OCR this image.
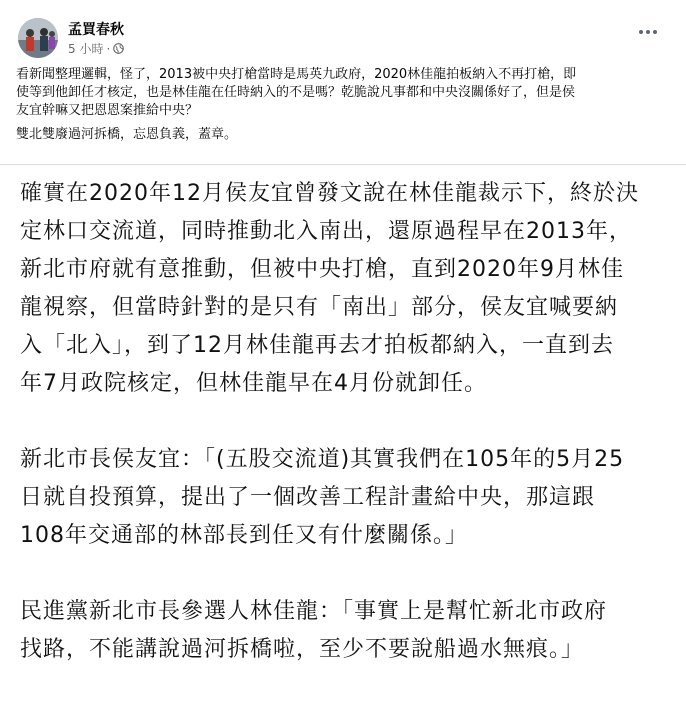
孟買春秋
5 小時 ·

看新聞整理邏輯，怪了，2013被中央打槍當時是馬英九政府，2020林佳龍拍板納入不再打槍，即
使等到他卸任才核定，也是林佳龍在任時納入的不是嗎？乾脆說凡事都和中央沒關係好了，但是侯
友宜幹嘛又把恩恩案推給中央？

雙北雙廢過河拆橋，忘恩負義，蓋章。

確實在2020年12月侯友宜曾發文說在林佳龍裁示下，終於決
定林口交流道，同時推動北入南出，還原過程早在2013年，
新北市府就有意推動，但被中央打槍，直到2020年9月林佳
龍視察，但當時針對的是只有「南出」部分，侯友宜喊要納
入「北入」，到了12月林佳龍再去才拍板都納入，一直到去
年7月政院核定，但林佳龍早在4月份就卸任。

新北市長侯友宜：「(五股交流道)其實我們在105年的5月25
日就自投預算，提出了一個改善工程計畫給中央，那這跟
108年交通部的林部長到任又有什麼關係。」

民進黨新北市長參選人林佳龍：「事實上是幫忙新北市政府
找路，不能講說過河拆橋啦，至少不要說船過水無痕。」
